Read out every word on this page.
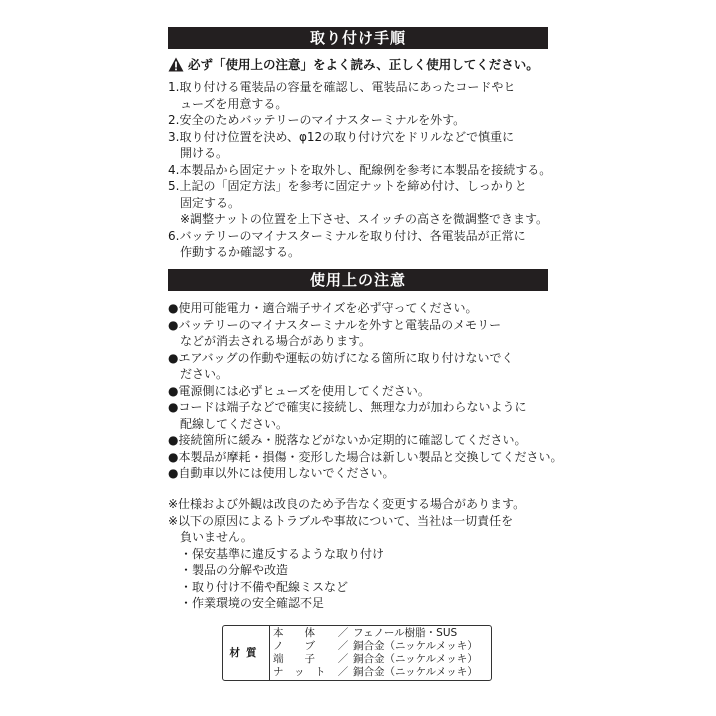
取り付け手順
必ず「使用上の注意」をよく読み、正しく使用してください。
1.取り付ける電装品の容量を確認し、電装品にあったコードやヒ
　ューズを用意する。
2.安全のためバッテリーのマイナスターミナルを外す。
3.取り付け位置を決め、φ12の取り付け穴をドリルなどで慎重に
　開ける。
4.本製品から固定ナットを取外し、配線例を参考に本製品を接続する。
5.上記の「固定方法」を参考に固定ナットを締め付け、しっかりと
　固定する。
　※調整ナットの位置を上下させ、スイッチの高さを微調整できます。
6.バッテリーのマイナスターミナルを取り付け、各電装品が正常に
　作動するか確認する。
使用上の注意
●使用可能電力・適合端子サイズを必ず守ってください。
●バッテリーのマイナスターミナルを外すと電装品のメモリー
　などが消去される場合があります。
●エアバッグの作動や運転の妨げになる箇所に取り付けないでく
　ださい。
●電源側には必ずヒューズを使用してください。
●コードは端子などで確実に接続し、無理な力が加わらないように
　配線してください。
●接続箇所に緩み・脱落などがないか定期的に確認してください。
●本製品が摩耗・損傷・変形した場合は新しい製品と交換してください。
●自動車以外には使用しないでください。
※仕様および外観は改良のため予告なく変更する場合があります。
※以下の原因によるトラブルや事故について、当社は一切責任を
　負いません。
　・保安基準に違反するような取り付け
　・製品の分解や改造
　・取り付け不備や配線ミスなど
　・作業環境の安全確認不足
材質
本　　体 ／ フェノール樹脂・SUS
ノ　　ブ ／ 銅合金（ニッケルメッキ）
端　　子 ／ 銅合金（ニッケルメッキ）
ナ　ッ　ト ／ 銅合金（ニッケルメッキ）
